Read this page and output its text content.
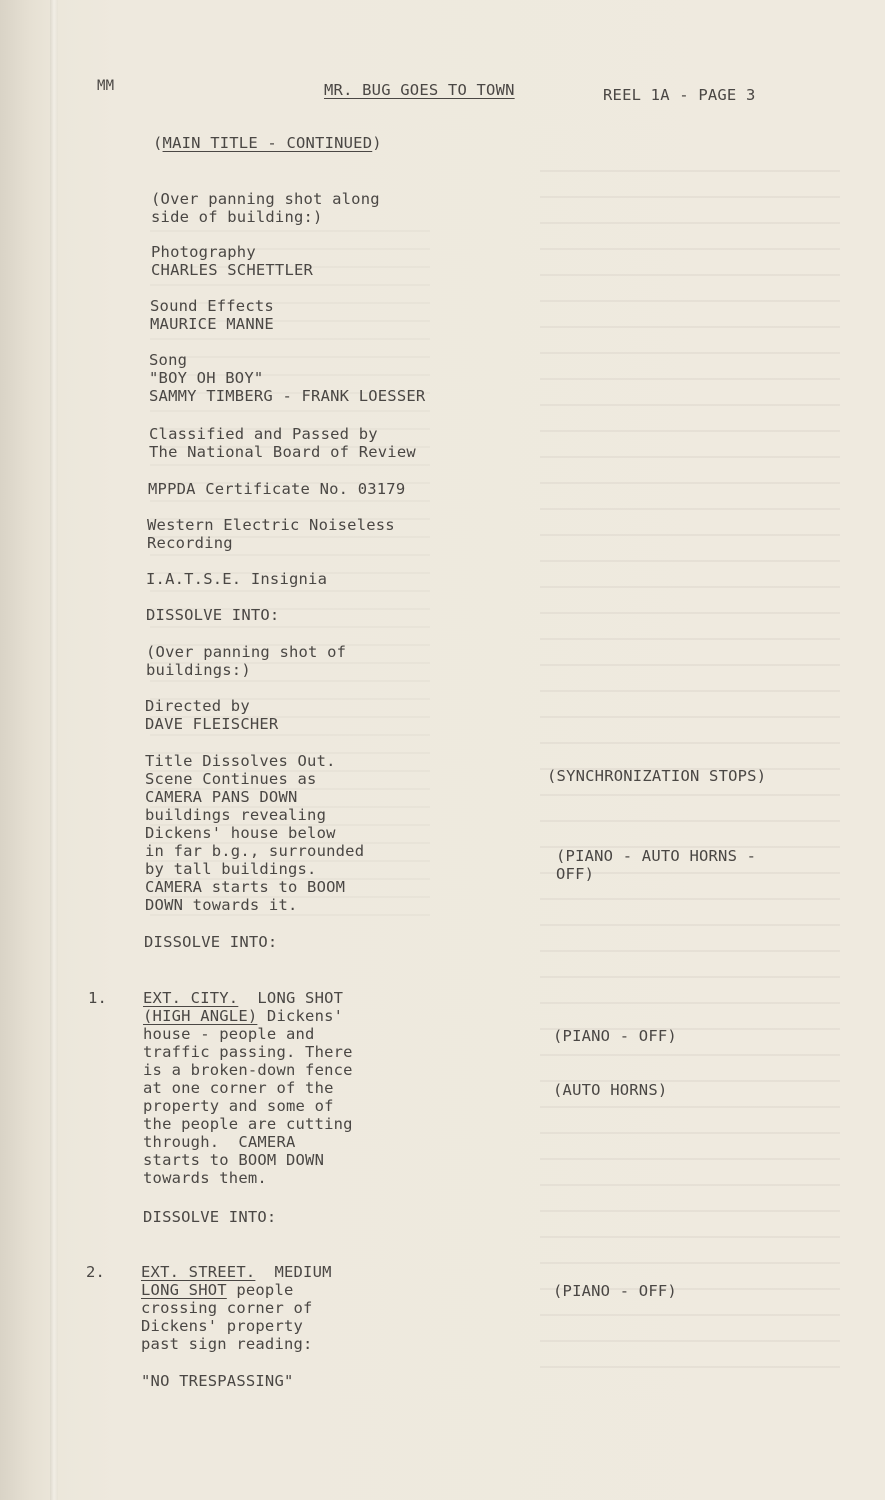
MM	MR. BUG GOES TO TOWN	REEL 1A - PAGE 3
(MAIN TITLE - CONTINUED)
(Over panning shot along
side of building:)
Photography
CHARLES SCHETTLER
Sound Effects
MAURICE MANNE
Song
"BOY OH BOY"
SAMMY TIMBERG - FRANK LOESSER
Classified and Passed by
The National Board of Review
MPPDA Certificate No. 03179
Western Electric Noiseless
Recording
I.A.T.S.E. Insignia
DISSOLVE INTO:
(Over panning shot of
buildings:)
Directed by
DAVE FLEISCHER
Title Dissolves Out.
Scene Continues as
CAMERA PANS DOWN
buildings revealing
Dickens' house below
in far b.g., surrounded
by tall buildings.
CAMERA starts to BOOM
DOWN towards it.
DISSOLVE INTO:
1. EXT. CITY.  LONG SHOT
(HIGH ANGLE) Dickens'
house - people and
traffic passing. There
is a broken-down fence
at one corner of the
property and some of
the people are cutting
through.  CAMERA
starts to BOOM DOWN
towards them.
DISSOLVE INTO:
2. EXT. STREET.  MEDIUM
LONG SHOT people
crossing corner of
Dickens' property
past sign reading:
"NO TRESPASSING"
(SYNCHRONIZATION STOPS)
(PIANO - AUTO HORNS -
OFF)
(PIANO - OFF)
(AUTO HORNS)
(PIANO - OFF)
